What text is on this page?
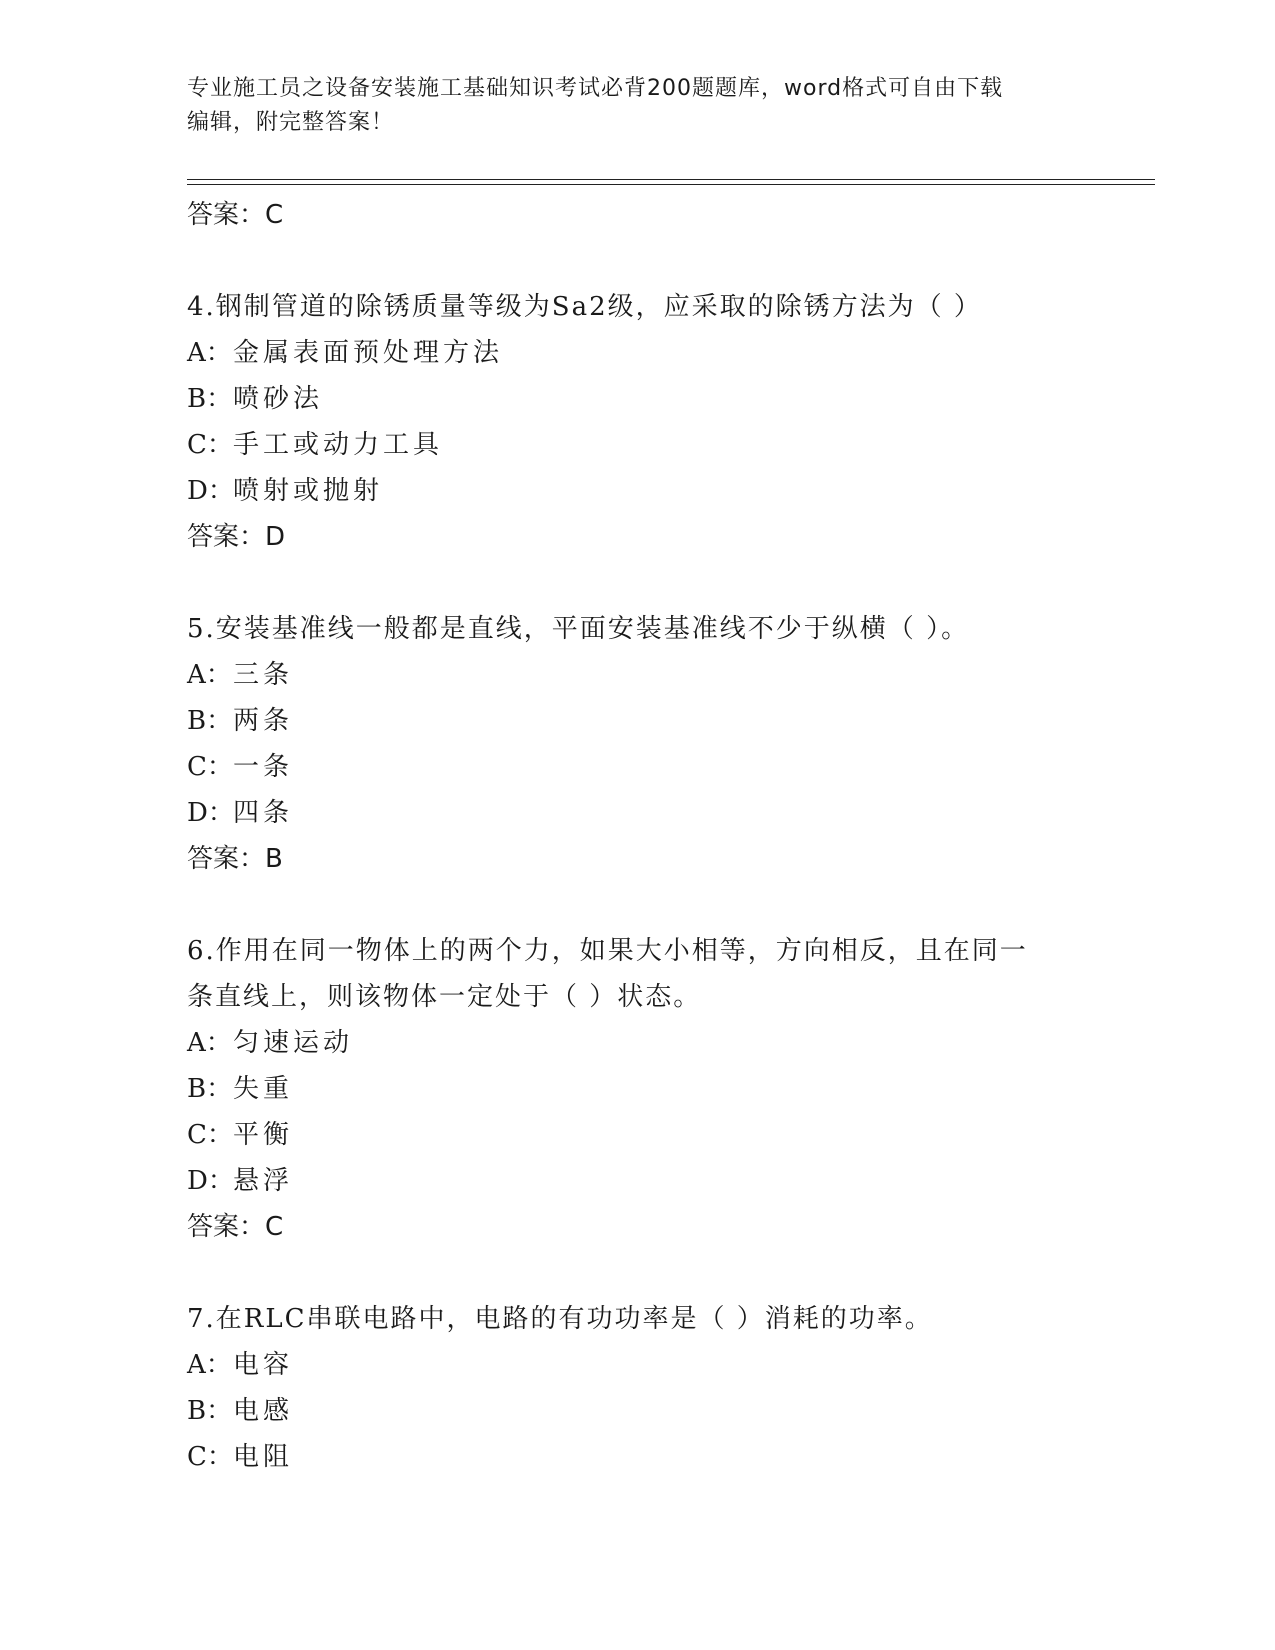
专业施工员之设备安装施工基础知识考试必背200题题库，word格式可自由下载
编辑，附完整答案！
答案：C
4.钢制管道的除锈质量等级为Sa2级，应采取的除锈方法为（ ）
A：金属表面预处理方法
B：喷砂法
C：手工或动力工具
D：喷射或抛射
答案：D
5.安装基准线一般都是直线，平面安装基准线不少于纵横（ ）。
A：三条
B：两条
C：一条
D：四条
答案：B
6.作用在同一物体上的两个力，如果大小相等，方向相反，且在同一
条直线上，则该物体一定处于（ ）状态。
A：匀速运动
B：失重
C：平衡
D：悬浮
答案：C
7.在RLC串联电路中，电路的有功功率是（ ）消耗的功率。
A：电容
B：电感
C：电阻
